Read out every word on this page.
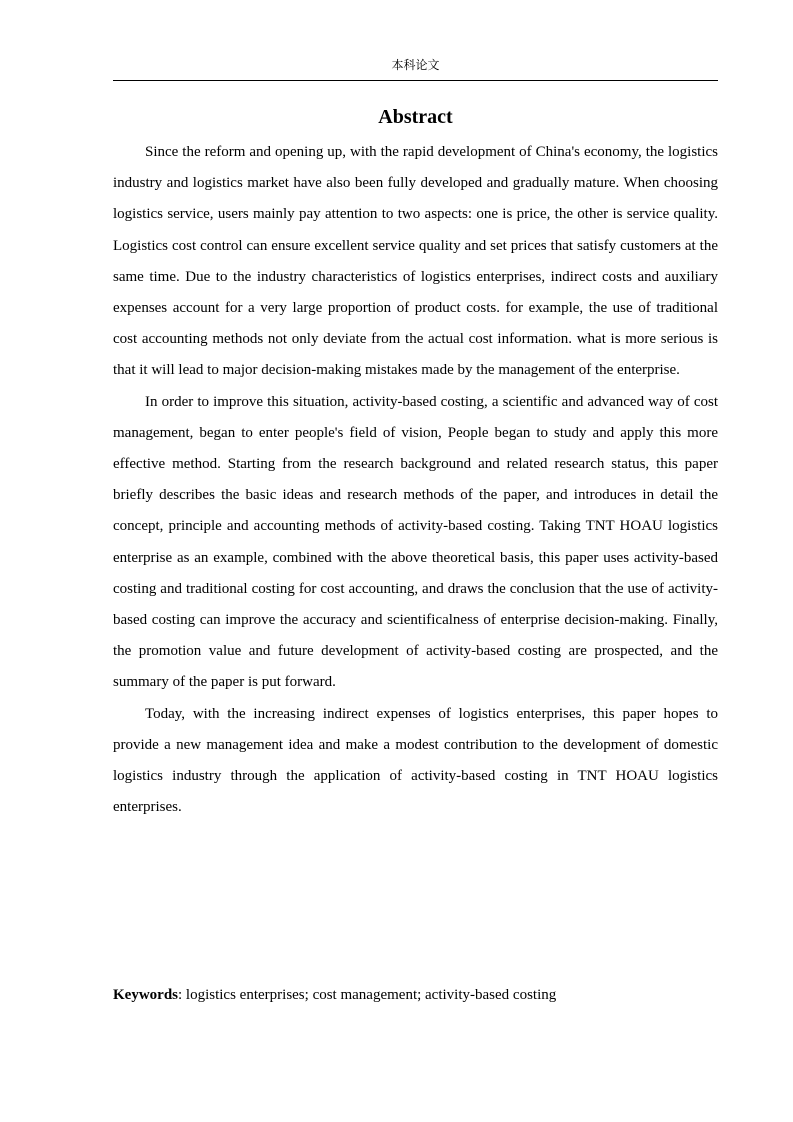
本科论文
Abstract

Since the reform and opening up, with the rapid development of China's economy, the logistics industry and logistics market have also been fully developed and gradually mature. When choosing logistics service, users mainly pay attention to two aspects: one is price, the other is service quality. Logistics cost control can ensure excellent service quality and set prices that satisfy customers at the same time. Due to the industry characteristics of logistics enterprises, indirect costs and auxiliary expenses account for a very large proportion of product costs. for example, the use of traditional cost accounting methods not only deviate from the actual cost information. what is more serious is that it will lead to major decision-making mistakes made by the management of the enterprise.

In order to improve this situation, activity-based costing, a scientific and advanced way of cost management, began to enter people's field of vision, People began to study and apply this more effective method. Starting from the research background and related research status, this paper briefly describes the basic ideas and research methods of the paper, and introduces in detail the concept, principle and accounting methods of activity-based costing. Taking TNT HOAU logistics enterprise as an example, combined with the above theoretical basis, this paper uses activity-based costing and traditional costing for cost accounting, and draws the conclusion that the use of activity-based costing can improve the accuracy and scientificalness of enterprise decision-making. Finally, the promotion value and future development of activity-based costing are prospected, and the summary of the paper is put forward.

Today, with the increasing indirect expenses of logistics enterprises, this paper hopes to provide a new management idea and make a modest contribution to the development of domestic logistics industry through the application of activity-based costing in TNT HOAU logistics enterprises.

Keywords: logistics enterprises; cost management; activity-based costing
